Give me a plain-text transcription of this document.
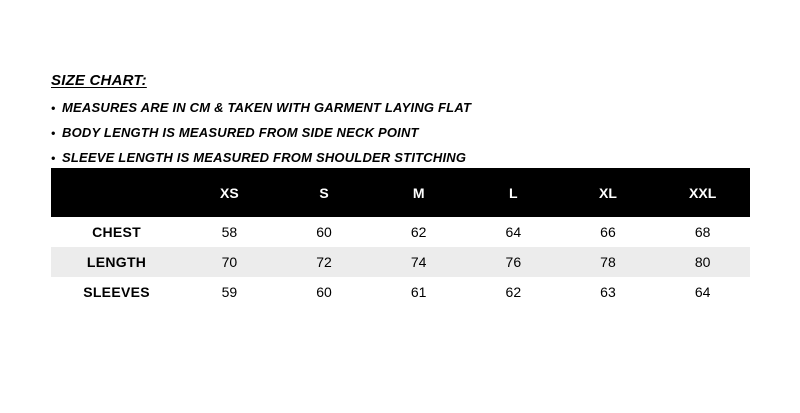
SIZE CHART:
• MEASURES ARE IN CM & TAKEN WITH GARMENT LAYING FLAT
• BODY LENGTH IS MEASURED FROM SIDE NECK POINT
• SLEEVE LENGTH IS MEASURED FROM SHOULDER STITCHING
	XS	S	M	L	XL	XXL
CHEST	58	60	62	64	66	68
LENGTH	70	72	74	76	78	80
SLEEVES	59	60	61	62	63	64
